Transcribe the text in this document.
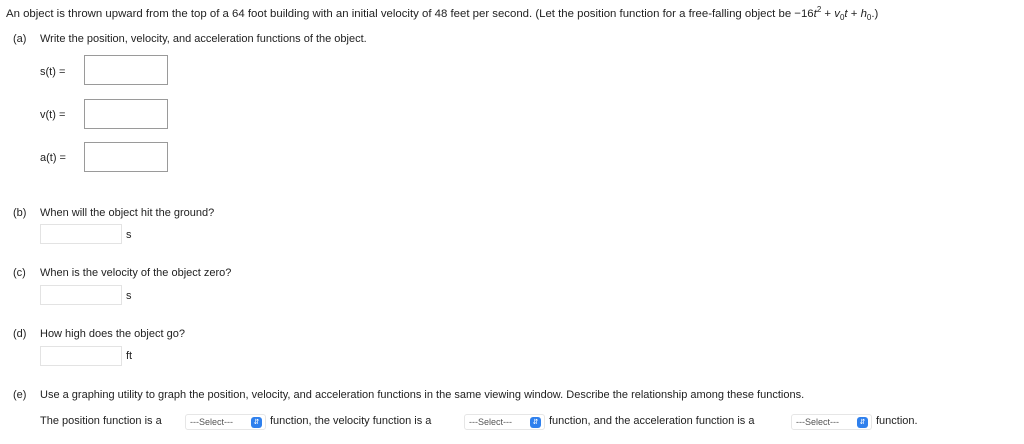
An object is thrown upward from the top of a 64 foot building with an initial velocity of 48 feet per second. (Let the position function for a free-falling object be $-16t^2 + v_0t + h_0$.)
(a) Write the position, velocity, and acceleration functions of the object.
s(t) =
v(t) =
a(t) =
(b) When will the object hit the ground?
s
(c) When is the velocity of the object zero?
s
(d) How high does the object go?
ft
(e) Use a graphing utility to graph the position, velocity, and acceleration functions in the same viewing window. Describe the relationship among these functions.
The position function is a	---Select---	⇵ function, the velocity function is a	---Select---	⇵ function, and the acceleration function is a	---Select---	⇵ function.
